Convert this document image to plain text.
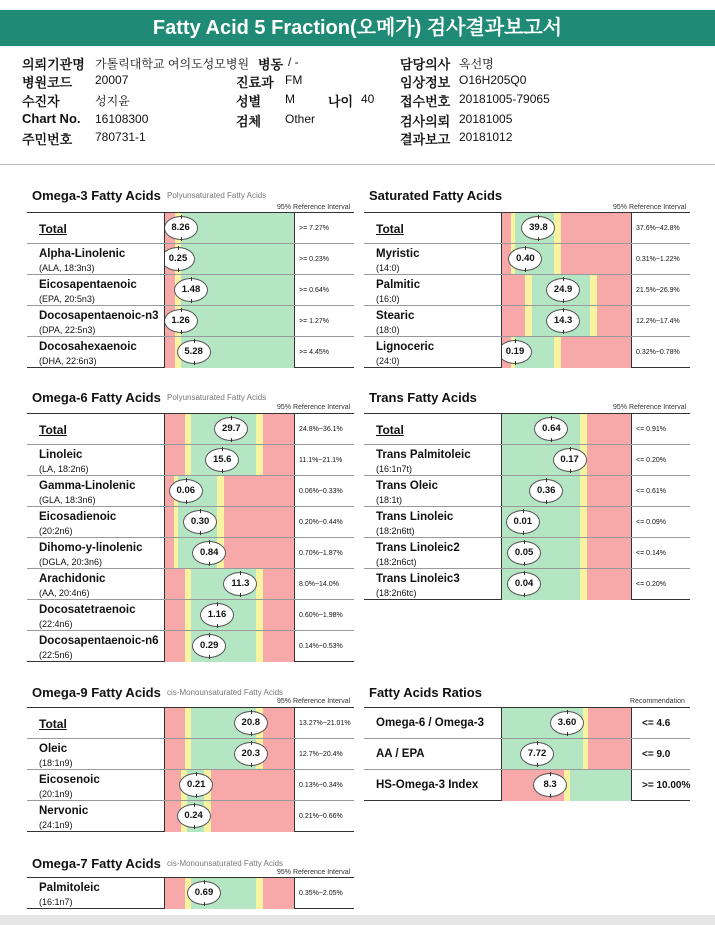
Fatty Acid 5 Fraction(오메가) 검사결과보고서
의뢰기관명 가톨릭대학교 여의도성모병원
병원코드 20007
수진자	성지윤
Chart No. 16108300
주민번호 780731-1
병동 / -
진료과 FM
성별 M
검체 Other
나이 40
담당의사 옥선명
임상정보 O16H205Q0
접수번호 20181005-79065
검사의뢰 20181005
결과보고 20181012
Omega-3 Fatty Acids Polyunsaturated Fatty Acids
95% Reference Interval
Total	8.26	>= 7.27%
Alpha-Linolenic
(ALA, 18:3n3)
0.25	>= 0.23%
Eicosapentaenoic
(EPA, 20:5n3)
1.48	>= 0.64%
Docosapentaenoic-n3
(DPA, 22:5n3)
1.26	>= 1.27%
Docosahexaenoic
(DHA, 22:6n3)
5.28	>= 4.45%
Saturated Fatty Acids
95% Reference Interval
Total	39.8	37.6%~42.8%
Myristic
(14:0)
0.40	0.31%~1.22%
Palmitic
(16:0)
24.9	21.5%~26.9%
Stearic
(18:0)
14.3	12.2%~17.4%
Lignoceric
(24:0)
0.19	0.32%~0.78%
Omega-6 Fatty Acids Polyunsaturated Fatty Acids
95% Reference Interval
Total	29.7	24.8%~36.1%
Linoleic
(LA, 18:2n6)
15.6	11.1%~21.1%
Gamma-Linolenic
(GLA, 18:3n6)
0.06	0.06%~0.33%
Eicosadienoic
(20:2n6)
0.30	0.20%~0.44%
Dihomo-y-linolenic
(DGLA, 20:3n6)
0.84	0.70%~1.87%
Arachidonic
(AA, 20:4n6)
11.3	8.0%~14.0%
Docosatetraenoic
(22:4n6)
1.16	0.60%~1.98%
Docosapentaenoic-n6
(22:5n6)
0.29	0.14%~0.53%
Trans Fatty Acids
95% Reference Interval
Total	0.64	<= 0.91%
Trans Palmitoleic
(16:1n7t)
0.17	<= 0.20%
Trans Oleic
(18:1t)
0.36	<= 0.61%
Trans Linoleic
(18:2n6tt)
0.01	<= 0.09%
Trans Linoleic2
(18:2n6ct)
0.05	<= 0.14%
Trans Linoleic3
(18:2n6tc)
0.04	<= 0.20%
Omega-9 Fatty Acids cis-Monounsaturated Fatty Acids
95% Reference Interval
Total	20.8	13.27%~21.01%
Oleic
(18:1n9)
20.3	12.7%~20.4%
Eicosenoic
(20:1n9)
0.21	0.13%~0.34%
Nervonic
(24:1n9)
0.24	0.21%~0.66%
Fatty Acids Ratios
Recommendation
Omega-6 / Omega-3	3.60	<= 4.6
AA / EPA	7.72	<= 9.0
HS-Omega-3 Index	8.3	>= 10.00%
Omega-7 Fatty Acids cis-Monounsaturated Fatty Acids
95% Reference Interval
Palmitoleic
(16:1n7)
0.69	0.35%~2.05%
